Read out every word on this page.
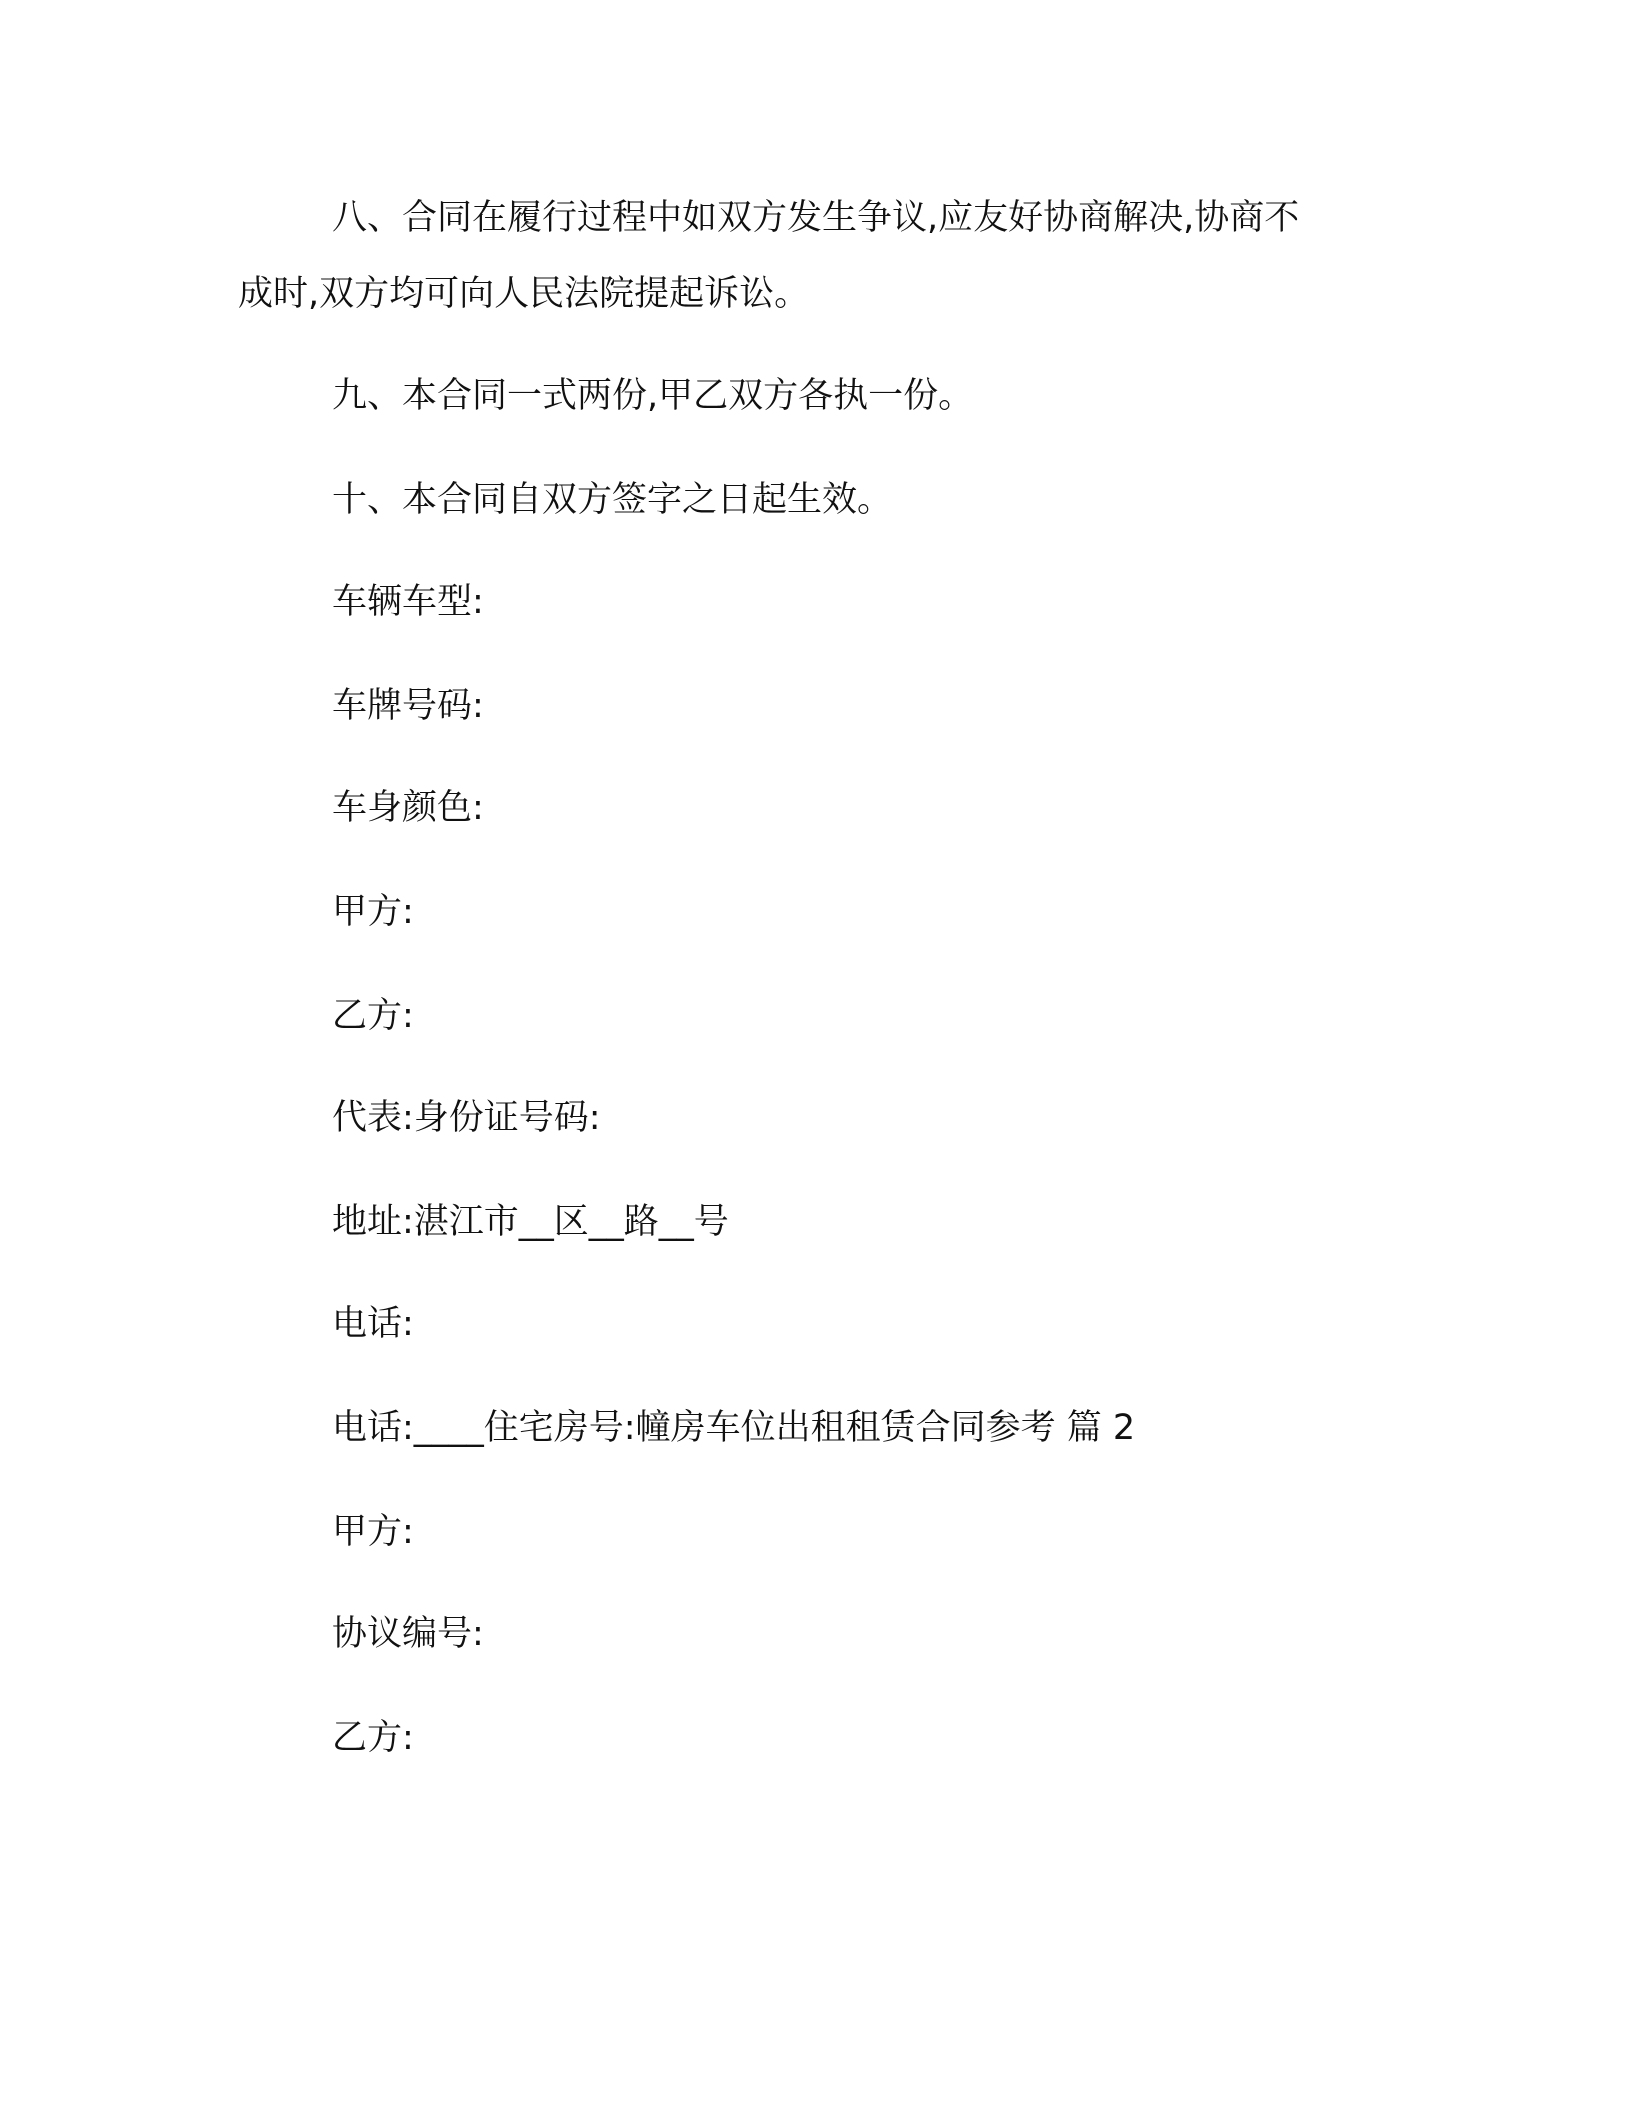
八、合同在履行过程中如双方发生争议,应友好协商解决,协商不
成时,双方均可向人民法院提起诉讼。
九、本合同一式两份,甲乙双方各执一份。
十、本合同自双方签字之日起生效。
车辆车型:
车牌号码:
车身颜色:
甲方:
乙方:
代表:身份证号码:
地址:湛江市__区__路__号
电话:
电话:____住宅房号:幢房车位出租租赁合同参考 篇 2
甲方:
协议编号:
乙方:
